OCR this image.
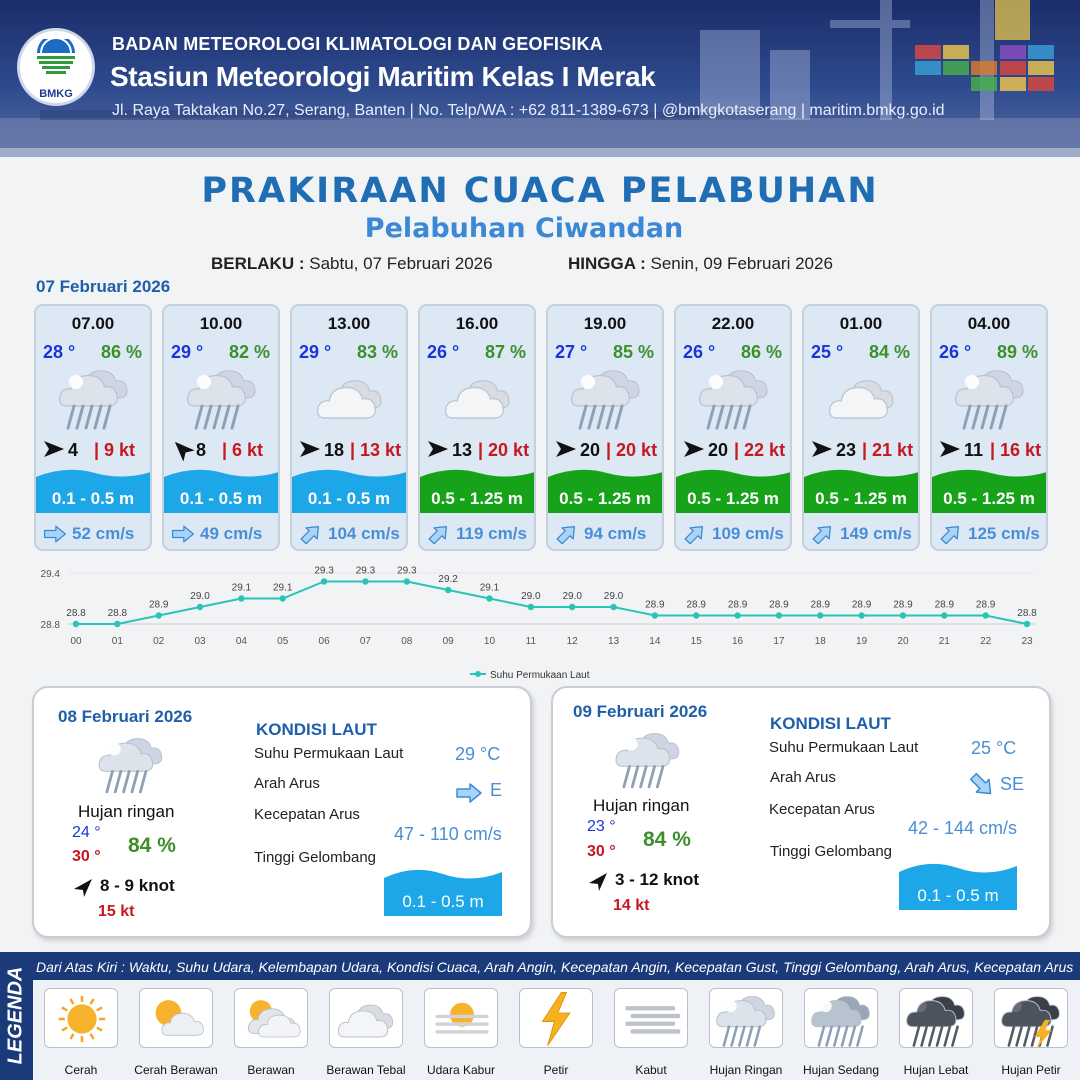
BMKG
BADAN METEOROLOGI KLIMATOLOGI DAN GEOFISIKA
Stasiun Meteorologi Maritim Kelas I Merak
Jl. Raya Taktakan No.27, Serang, Banten | No. Telp/WA : +62 811-1389-673 | @bmkgkotaserang | maritim.bmkg.go.id
PRAKIRAAN CUACA PELABUHAN
Pelabuhan Ciwandan
BERLAKU : Sabtu, 07 Februari 2026	HINGGA : Senin, 09 Februari 2026
07 Februari 2026
07.00
28 ° 86 %
4 | 9 kt
0.1 - 0.5 m
52 cm/s
10.00
29 ° 82 %
8 | 6 kt
0.1 - 0.5 m
49 cm/s
13.00
29 ° 83 %
18 | 13 kt
0.1 - 0.5 m
104 cm/s
16.00
26 ° 87 %
13 | 20 kt
0.5 - 1.25 m
119 cm/s
19.00
27 ° 85 %
20 | 20 kt
0.5 - 1.25 m
94 cm/s
22.00
26 ° 86 %
20 | 22 kt
0.5 - 1.25 m
109 cm/s
01.00
25 ° 84 %
23 | 21 kt
0.5 - 1.25 m
149 cm/s
04.00
26 ° 89 %
11 | 16 kt
0.5 - 1.25 m
125 cm/s
29.4
28.8
28.8
00
28.8
01
28.9
02
29.0
03
29.1
04
29.1
05
29.3
06
29.3
07
29.3
08
29.2
09
29.1
10
29.0
11
29.0
12
29.0
13
28.9
14
28.9
15
28.9
16
28.9
17
28.9
18
28.9
19
28.9
20
28.9
21
28.9
22
28.8
23
Suhu Permukaan Laut
08 Februari 2026
Hujan ringan
24 °
30 ° 84 %
8 - 9 knot
15 kt
KONDISI LAUT
Suhu Permukaan Laut	29 °C
Arah Arus	E
Kecepatan Arus
47 - 110 cm/s
Tinggi Gelombang
0.1 - 0.5 m
09 Februari 2026
Hujan ringan
23 °
30 °
84 %
3 - 12 knot
14 kt
KONDISI LAUT
Suhu Permukaan Laut	25 °C
Arah Arus	SE
Kecepatan Arus
42 - 144 cm/s
Tinggi Gelombang
0.1 - 0.5 m
LEGENDA Dari Atas Kiri : Waktu, Suhu Udara, Kelembapan Udara, Kondisi Cuaca, Arah Angin, Kecepatan Angin, Kecepatan Gust, Tinggi Gelombang, Arah Arus, Kecepatan Arus
Cerah	Cerah Berawan	Berawan	Berawan Tebal	Udara Kabur	Petir	Kabut	Hujan Ringan	Hujan Sedang	Hujan Lebat	Hujan Petir
